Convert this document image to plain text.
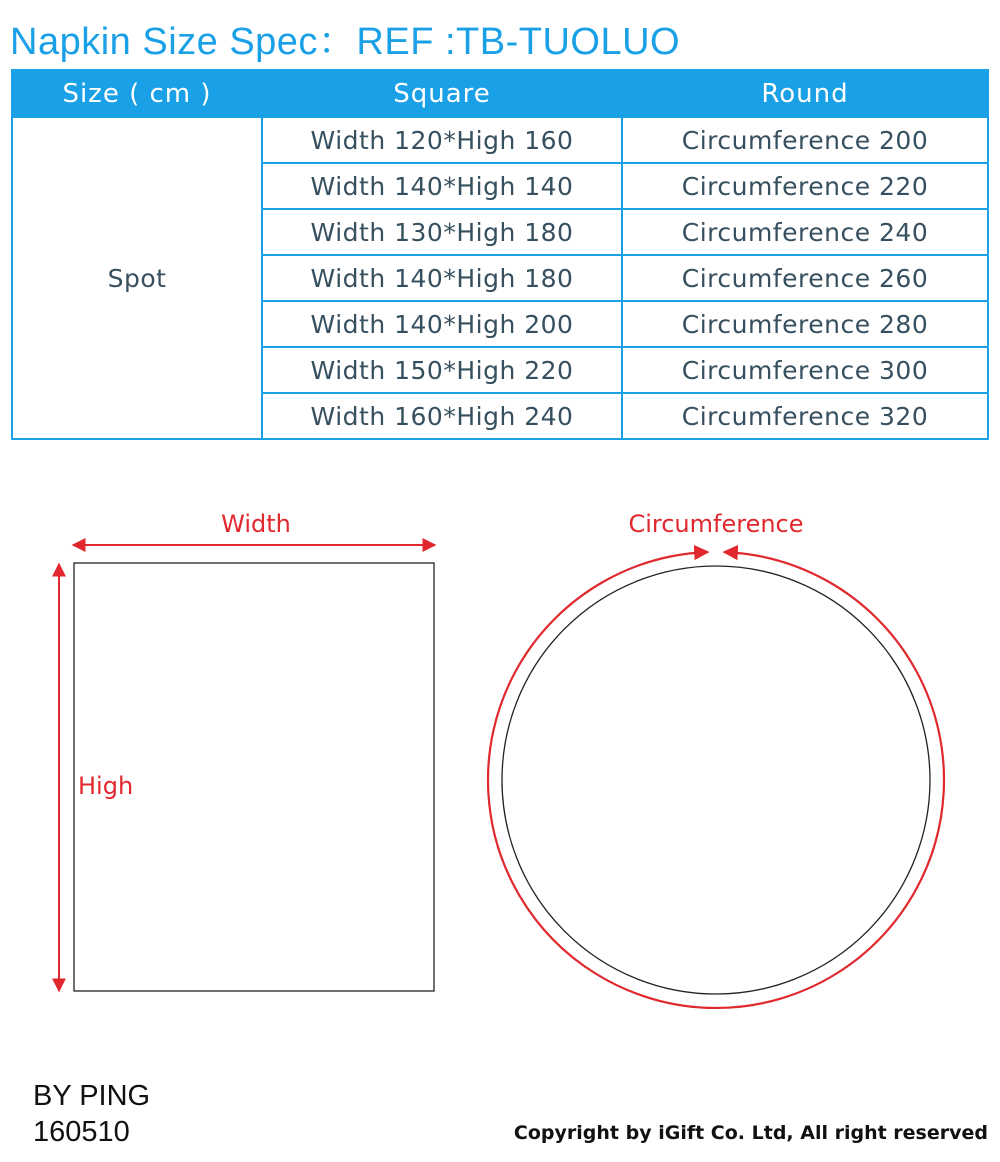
Napkin Size Spec：REF :TB-TUOLUO
Size ( cm )	Square	Round
Spot	Width 120*High 160	Circumference 200
	Width 140*High 140	Circumference 220
	Width 130*High 180	Circumference 240
	Width 140*High 180	Circumference 260
	Width 140*High 200	Circumference 280
	Width 150*High 220	Circumference 300
	Width 160*High 240	Circumference 320
Width
High
Circumference
BY PING
160510	Copyright by iGift Co. Ltd, All right reserved
